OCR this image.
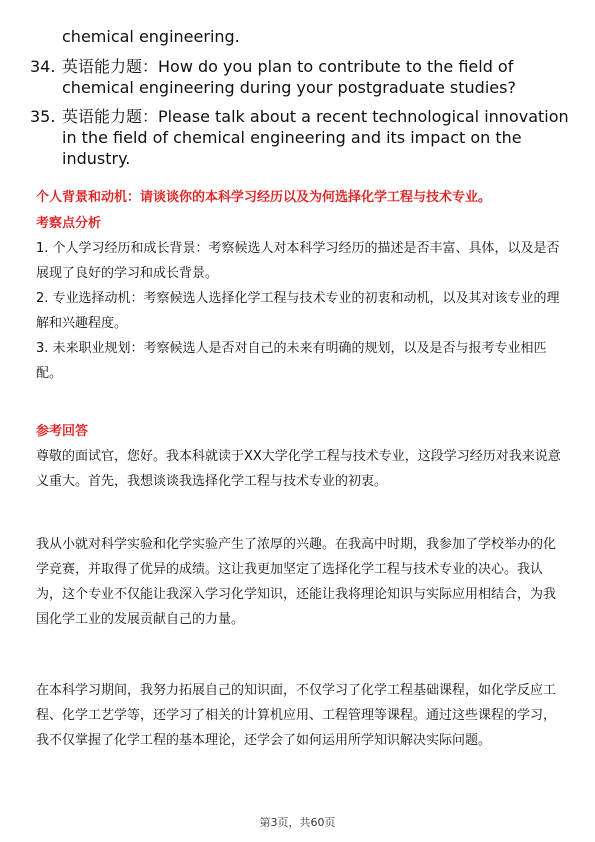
chemical engineering.
34. 英语能力题：How do you plan to contribute to the field of chemical engineering during your postgraduate studies?
35. 英语能力题：Please talk about a recent technological innovation in the field of chemical engineering and its impact on the industry.
个人背景和动机：请谈谈你的本科学习经历以及为何选择化学工程与技术专业。
考察点分析

1. 个人学习经历和成长背景：考察候选人对本科学习经历的描述是否丰富、具体，以及是否展现了良好的学习和成长背景。

2. 专业选择动机：考察候选人选择化学工程与技术专业的初衷和动机，以及其对该专业的理解和兴趣程度。

3. 未来职业规划：考察候选人是否对自己的未来有明确的规划，以及是否与报考专业相匹配。

参考回答

尊敬的面试官，您好。我本科就读于XX大学化学工程与技术专业，这段学习经历对我来说意义重大。首先，我想谈谈我选择化学工程与技术专业的初衷。

我从小就对科学实验和化学实验产生了浓厚的兴趣。在我高中时期，我参加了学校举办的化学竞赛，并取得了优异的成绩。这让我更加坚定了选择化学工程与技术专业的决心。我认为，这个专业不仅能让我深入学习化学知识，还能让我将理论知识与实际应用相结合，为我国化学工业的发展贡献自己的力量。

在本科学习期间，我努力拓展自己的知识面，不仅学习了化学工程基础课程，如化学反应工程、化学工艺学等，还学习了相关的计算机应用、工程管理等课程。通过这些课程的学习，我不仅掌握了化学工程的基本理论，还学会了如何运用所学知识解决实际问题。

第3页，共60页
